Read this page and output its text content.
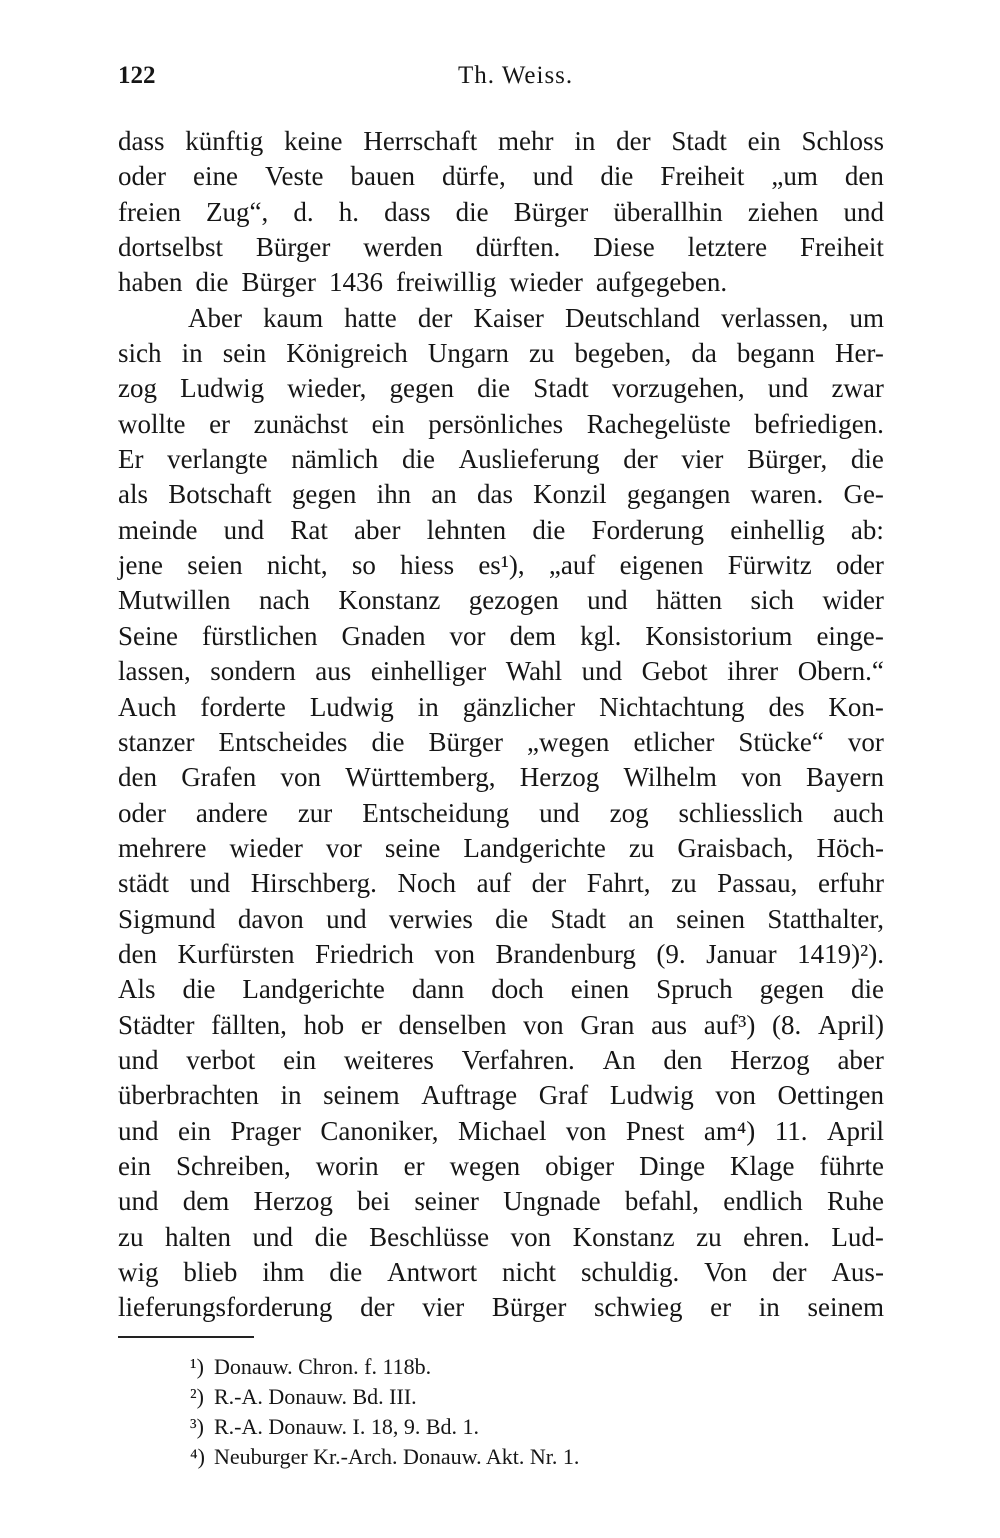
122	Th. Weiss.
dass künftig keine Herrschaft mehr in der Stadt ein Schloss
oder eine Veste bauen dürfe, und die Freiheit „um den
freien Zug“, d. h. dass die Bürger überallhin ziehen und
dortselbst Bürger werden dürften. Diese letztere Freiheit
haben die Bürger 1436 freiwillig wieder aufgegeben.
Aber kaum hatte der Kaiser Deutschland verlassen, um
sich in sein Königreich Ungarn zu begeben, da begann Her-
zog Ludwig wieder, gegen die Stadt vorzugehen, und zwar
wollte er zunächst ein persönliches Rachegelüste befriedigen.
Er verlangte nämlich die Auslieferung der vier Bürger, die
als Botschaft gegen ihn an das Konzil gegangen waren. Ge-
meinde und Rat aber lehnten die Forderung einhellig ab:
jene seien nicht, so hiess es¹), „auf eigenen Fürwitz oder
Mutwillen nach Konstanz gezogen und hätten sich wider
Seine fürstlichen Gnaden vor dem kgl. Konsistorium einge-
lassen, sondern aus einhelliger Wahl und Gebot ihrer Obern.“
Auch forderte Ludwig in gänzlicher Nichtachtung des Kon-
stanzer Entscheides die Bürger „wegen etlicher Stücke“ vor
den Grafen von Württemberg, Herzog Wilhelm von Bayern
oder andere zur Entscheidung und zog schliesslich auch
mehrere wieder vor seine Landgerichte zu Graisbach, Höch-
städt und Hirschberg. Noch auf der Fahrt, zu Passau, erfuhr
Sigmund davon und verwies die Stadt an seinen Statthalter,
den Kurfürsten Friedrich von Brandenburg (9. Januar 1419)²).
Als die Landgerichte dann doch einen Spruch gegen die
Städter fällten, hob er denselben von Gran aus auf³) (8. April)
und verbot ein weiteres Verfahren. An den Herzog aber
überbrachten in seinem Auftrage Graf Ludwig von Oettingen
und ein Prager Canoniker, Michael von Pnest am⁴) 11. April
ein Schreiben, worin er wegen obiger Dinge Klage führte
und dem Herzog bei seiner Ungnade befahl, endlich Ruhe
zu halten und die Beschlüsse von Konstanz zu ehren. Lud-
wig blieb ihm die Antwort nicht schuldig. Von der Aus-
lieferungsforderung der vier Bürger schwieg er in seinem
¹) Donauw. Chron. f. 118b.
²) R.-A. Donauw. Bd. III.
³) R.-A. Donauw. I. 18, 9. Bd. 1.
⁴) Neuburger Kr.-Arch. Donauw. Akt. Nr. 1.
